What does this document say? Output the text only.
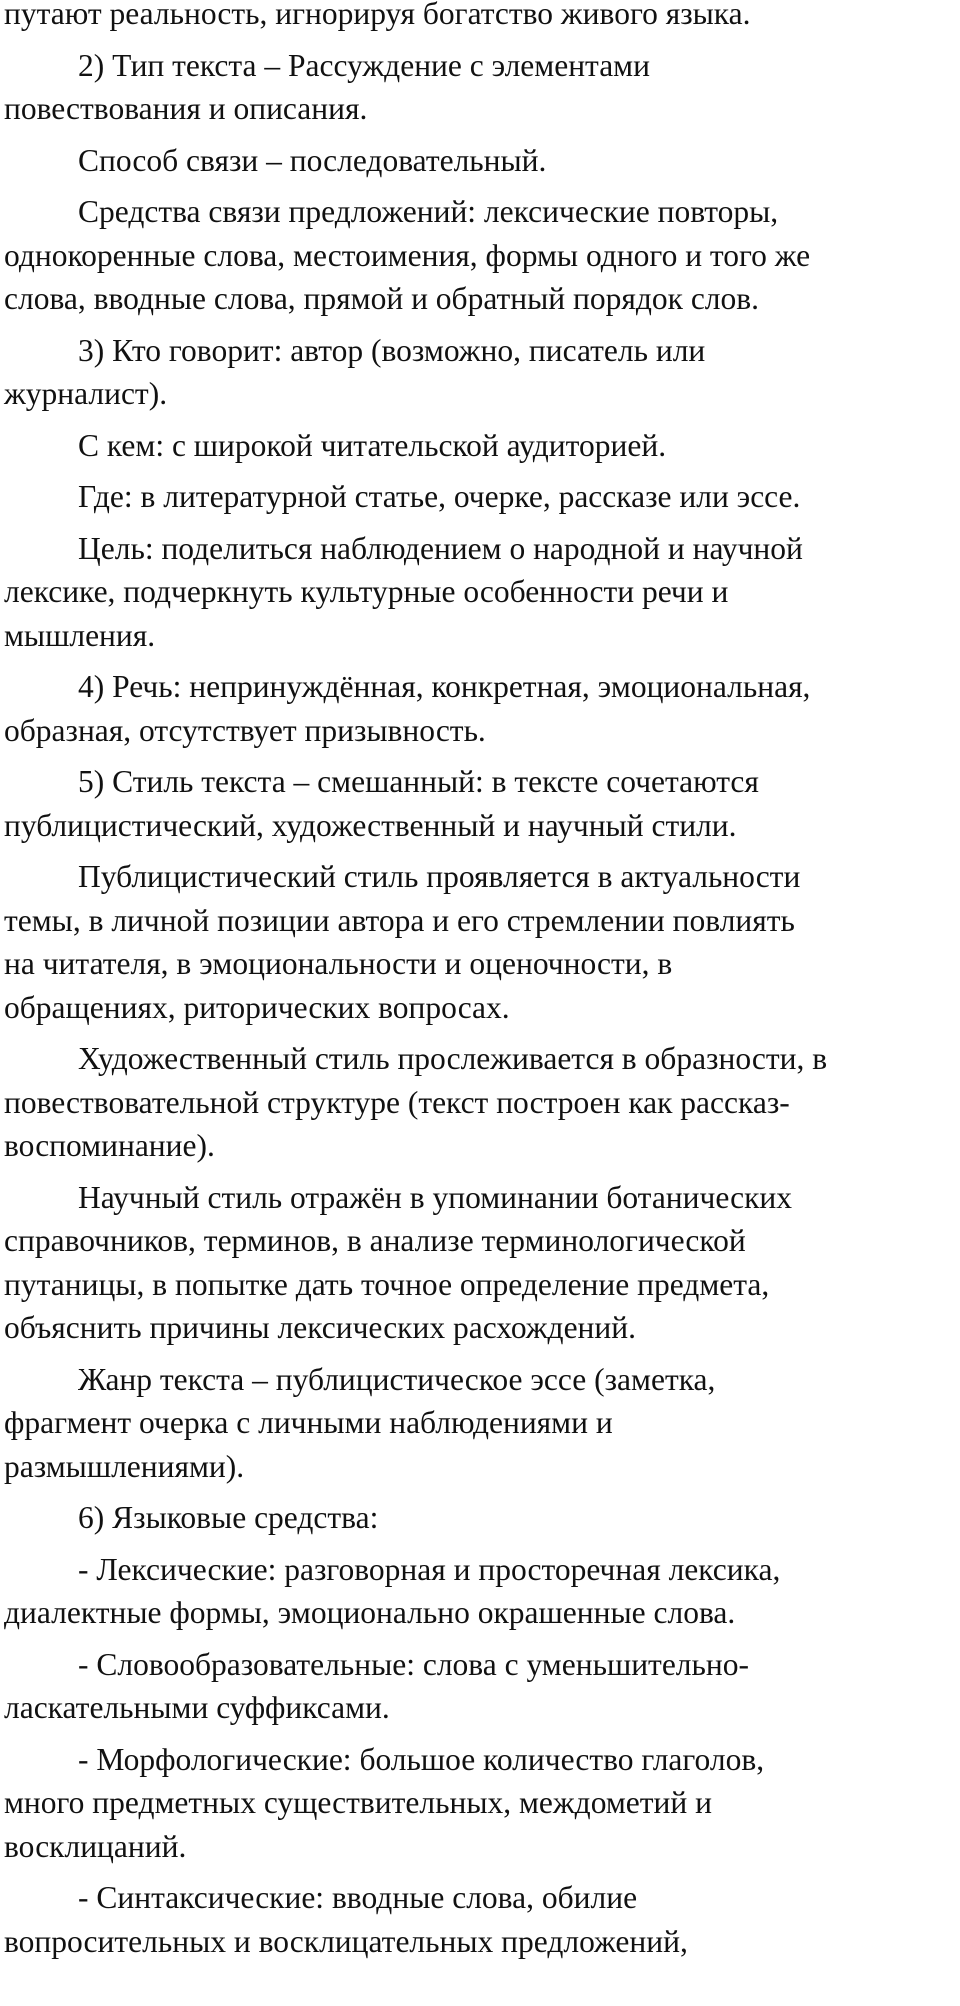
путают реальность, игнорируя богатство живого языка.
2) Тип текста – Рассуждение с элементами
повествования и описания.
Способ связи – последовательный.
Средства связи предложений: лексические повторы,
однокоренные слова, местоимения, формы одного и того же
слова, вводные слова, прямой и обратный порядок слов.
3) Кто говорит: автор (возможно, писатель или
журналист).
С кем: с широкой читательской аудиторией.
Где: в литературной статье, очерке, рассказе или эссе.
Цель: поделиться наблюдением о народной и научной
лексике, подчеркнуть культурные особенности речи и
мышления.
4) Речь: непринуждённая, конкретная, эмоциональная,
образная, отсутствует призывность.
5) Стиль текста – смешанный: в тексте сочетаются
публицистический, художественный и научный стили.
Публицистический стиль проявляется в актуальности
темы, в личной позиции автора и его стремлении повлиять
на читателя, в эмоциональности и оценочности, в
обращениях, риторических вопросах.
Художественный стиль прослеживается в образности, в
повествовательной структуре (текст построен как рассказ-
воспоминание).
Научный стиль отражён в упоминании ботанических
справочников, терминов, в анализе терминологической
путаницы, в попытке дать точное определение предмета,
объяснить причины лексических расхождений.
Жанр текста – публицистическое эссе (заметка,
фрагмент очерка с личными наблюдениями и
размышлениями).
6) Языковые средства:
- Лексические: разговорная и просторечная лексика,
диалектные формы, эмоционально окрашенные слова.
- Словообразовательные: слова с уменьшительно-
ласкательными суффиксами.
- Морфологические: большое количество глаголов,
много предметных существительных, междометий и
восклицаний.
- Синтаксические: вводные слова, обилие
вопросительных и восклицательных предложений,
